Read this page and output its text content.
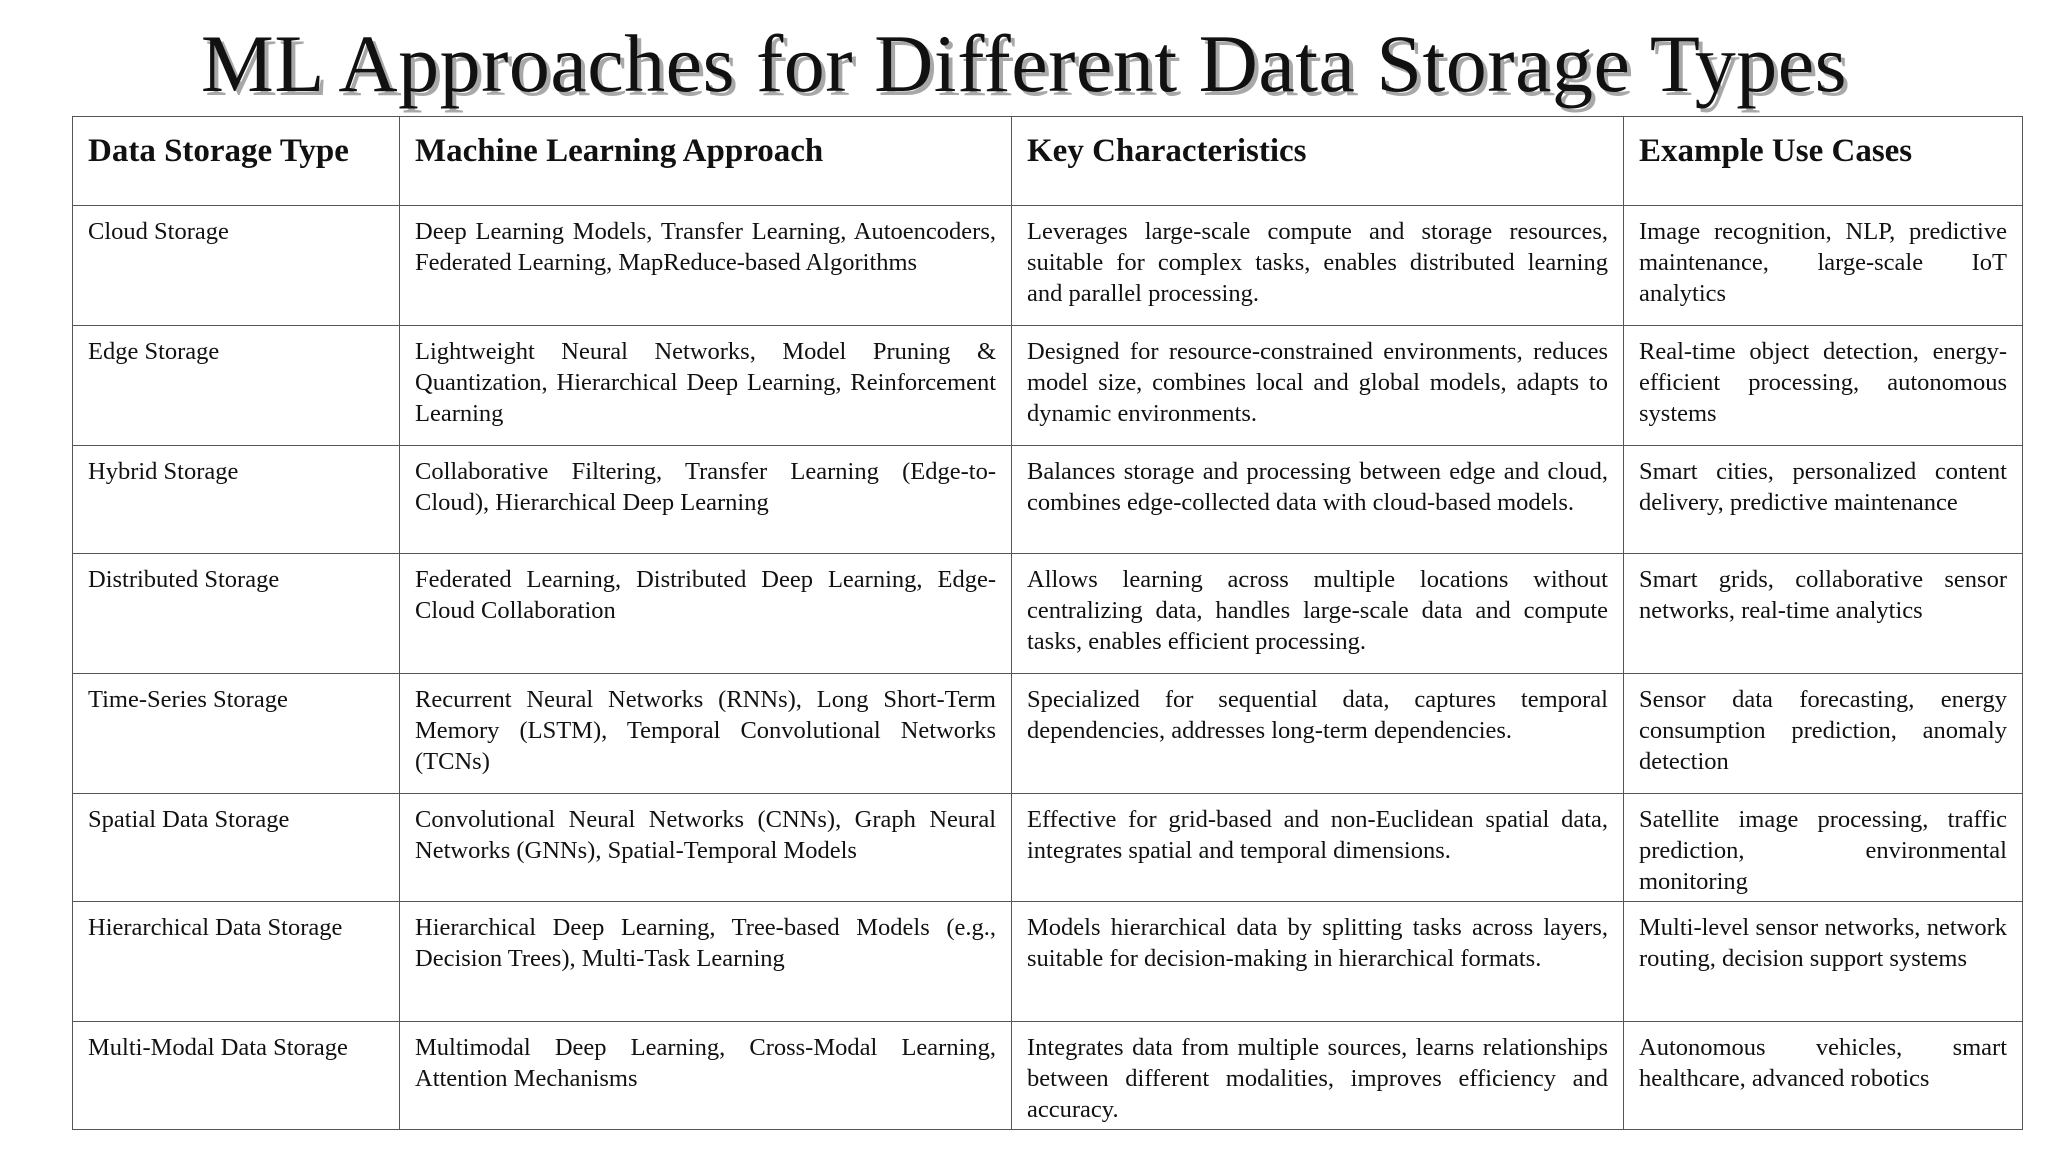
ML Approaches for Different Data Storage Types
Data Storage Type	Machine Learning Approach	Key Characteristics	Example Use Cases
Cloud Storage	Deep Learning Models, Transfer Learning, Autoencoders, Federated Learning, MapReduce-based Algorithms	Leverages large-scale compute and storage resources, suitable for complex tasks, enables distributed learning and parallel processing.	Image recognition, NLP, predictive maintenance, large-scale IoT analytics
Edge Storage	Lightweight Neural Networks, Model Pruning & Quantization, Hierarchical Deep Learning, Reinforcement Learning	Designed for resource-constrained environments, reduces model size, combines local and global models, adapts to dynamic environments.	Real-time object detection, energy-efficient processing, autonomous systems
Hybrid Storage	Collaborative Filtering, Transfer Learning (Edge-to-Cloud), Hierarchical Deep Learning	Balances storage and processing between edge and cloud, combines edge-collected data with cloud-based models.	Smart cities, personalized content delivery, predictive maintenance
Distributed Storage	Federated Learning, Distributed Deep Learning, Edge-Cloud Collaboration	Allows learning across multiple locations without centralizing data, handles large-scale data and compute tasks, enables efficient processing.	Smart grids, collaborative sensor networks, real-time analytics
Time-Series Storage	Recurrent Neural Networks (RNNs), Long Short-Term Memory (LSTM), Temporal Convolutional Networks (TCNs)	Specialized for sequential data, captures temporal dependencies, addresses long-term dependencies.	Sensor data forecasting, energy consumption prediction, anomaly detection
Spatial Data Storage	Convolutional Neural Networks (CNNs), Graph Neural Networks (GNNs), Spatial-Temporal Models	Effective for grid-based and non-Euclidean spatial data, integrates spatial and temporal dimensions.	Satellite image processing, traffic prediction, environmental monitoring
Hierarchical Data Storage	Hierarchical Deep Learning, Tree-based Models (e.g., Decision Trees), Multi-Task Learning	Models hierarchical data by splitting tasks across layers, suitable for decision-making in hierarchical formats.	Multi-level sensor networks, network routing, decision support systems
Multi-Modal Data Storage	Multimodal Deep Learning, Cross-Modal Learning, Attention Mechanisms	Integrates data from multiple sources, learns relationships between different modalities, improves efficiency and accuracy.	Autonomous vehicles, smart healthcare, advanced robotics
